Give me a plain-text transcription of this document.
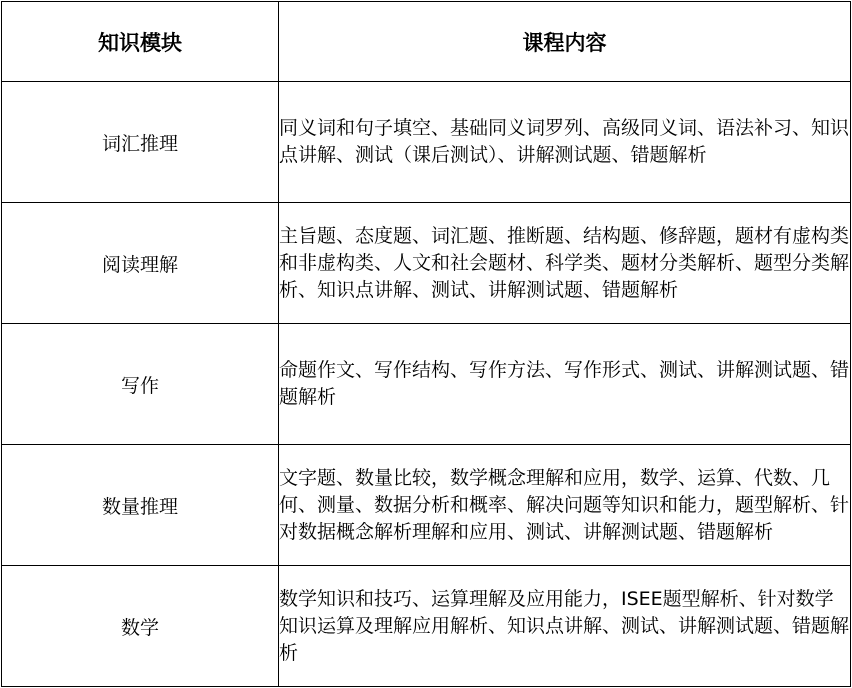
知识模块	课程内容
词汇推理	同义词和句子填空、基础同义词罗列、高级同义词、语法补习、知识点讲解、测试（课后测试）、讲解测试题、错题解析
阅读理解	主旨题、态度题、词汇题、推断题、结构题、修辞题，题材有虚构类和非虚构类、人文和社会题材、科学类、题材分类解析、题型分类解析、知识点讲解、测试、讲解测试题、错题解析
写作	命题作文、写作结构、写作方法、写作形式、测试、讲解测试题、错题解析
数量推理	文字题、数量比较，数学概念理解和应用，数学、运算、代数、几何、测量、数据分析和概率、解决问题等知识和能力，题型解析、针对数据概念解析理解和应用、测试、讲解测试题、错题解析
数学	数学知识和技巧、运算理解及应用能力，ISEE题型解析、针对数学知识运算及理解应用解析、知识点讲解、测试、讲解测试题、错题解析
